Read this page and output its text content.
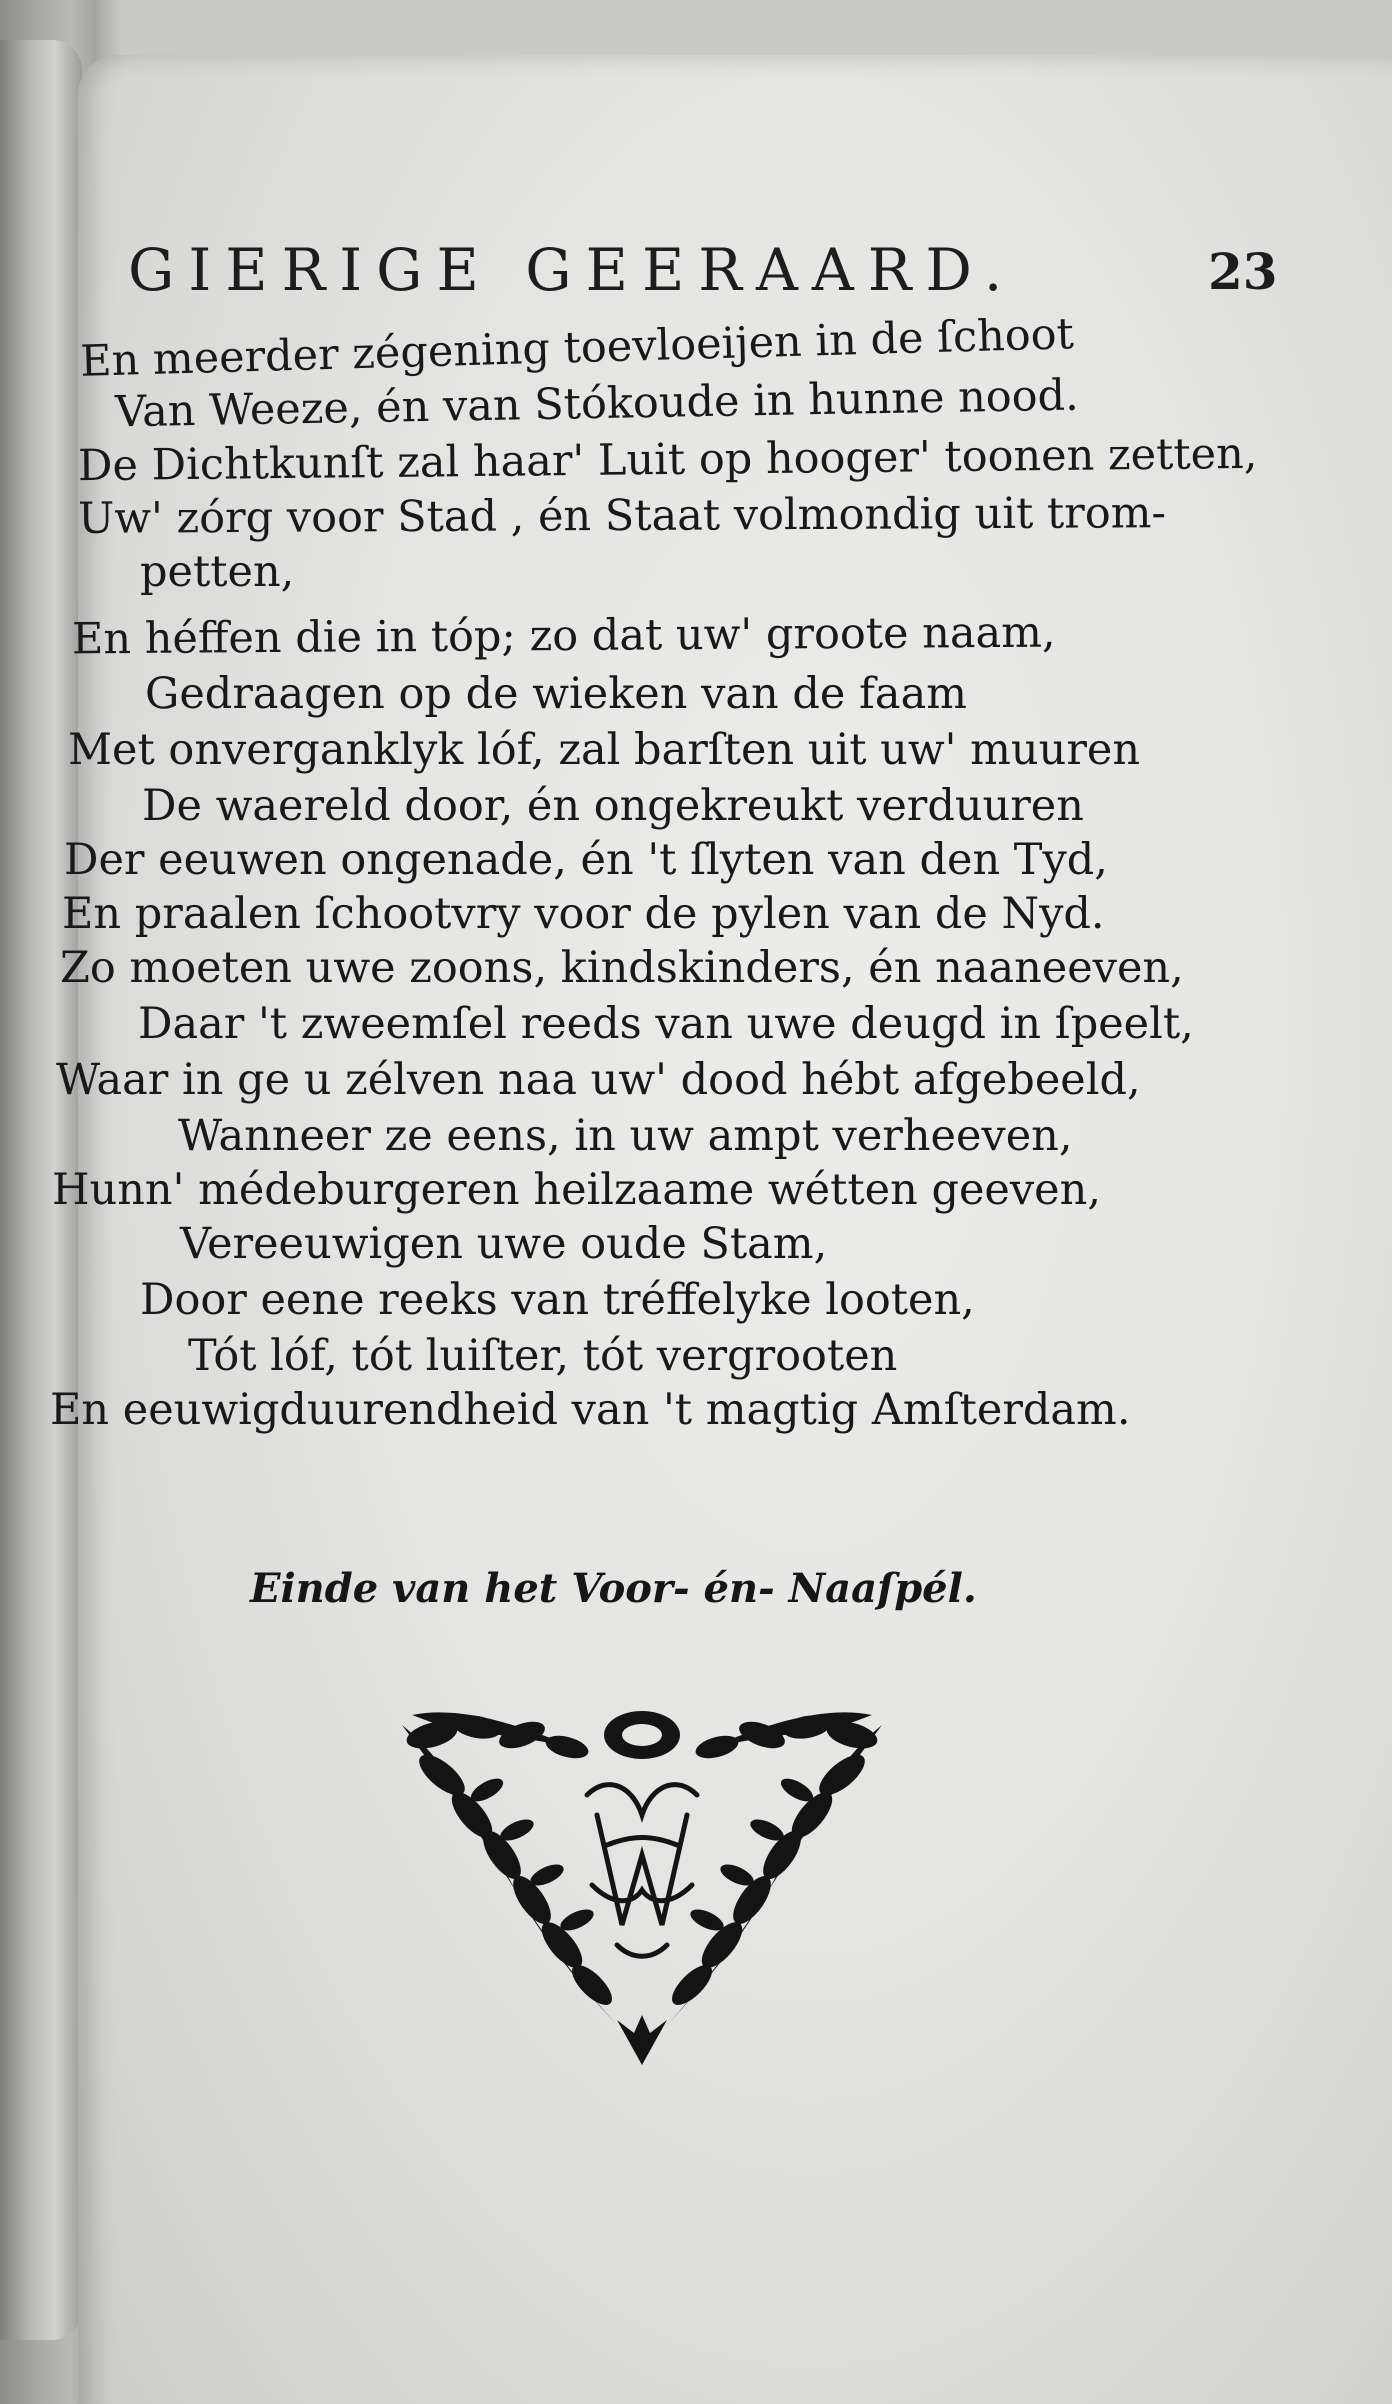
GIERIGE GEERAARD.	23
En meerder zégening toevloeijen in de ſchoot
Van Weeze, én van Stókoude in hunne nood.
De Dichtkunſt zal haar' Luit op hooger' toonen zetten,
Uw' zórg voor Stad , én Staat volmondig uit trom-
petten,
En héffen die in tóp; zo dat uw' groote naam,
Gedraagen op de wieken van de faam
Met onverganklyk lóf, zal barſten uit uw' muuren
De waereld door, én ongekreukt verduuren
Der eeuwen ongenade, én 't ſlyten van den Tyd,
En praalen ſchootvry voor de pylen van de Nyd.
Zo moeten uwe zoons, kindskinders, én naaneeven,
Daar 't zweemſel reeds van uwe deugd in ſpeelt,
Waar in ge u zélven naa uw' dood hébt afgebeeld,
Wanneer ze eens, in uw ampt verheeven,
Hunn' médeburgeren heilzaame wétten geeven,
Vereeuwigen uwe oude Stam,
Door eene reeks van tréffelyke looten,
Tót lóf, tót luiſter, tót vergrooten
En eeuwigduurendheid van 't magtig Amſterdam.
Einde van het Voor- én- Naaſpél.
